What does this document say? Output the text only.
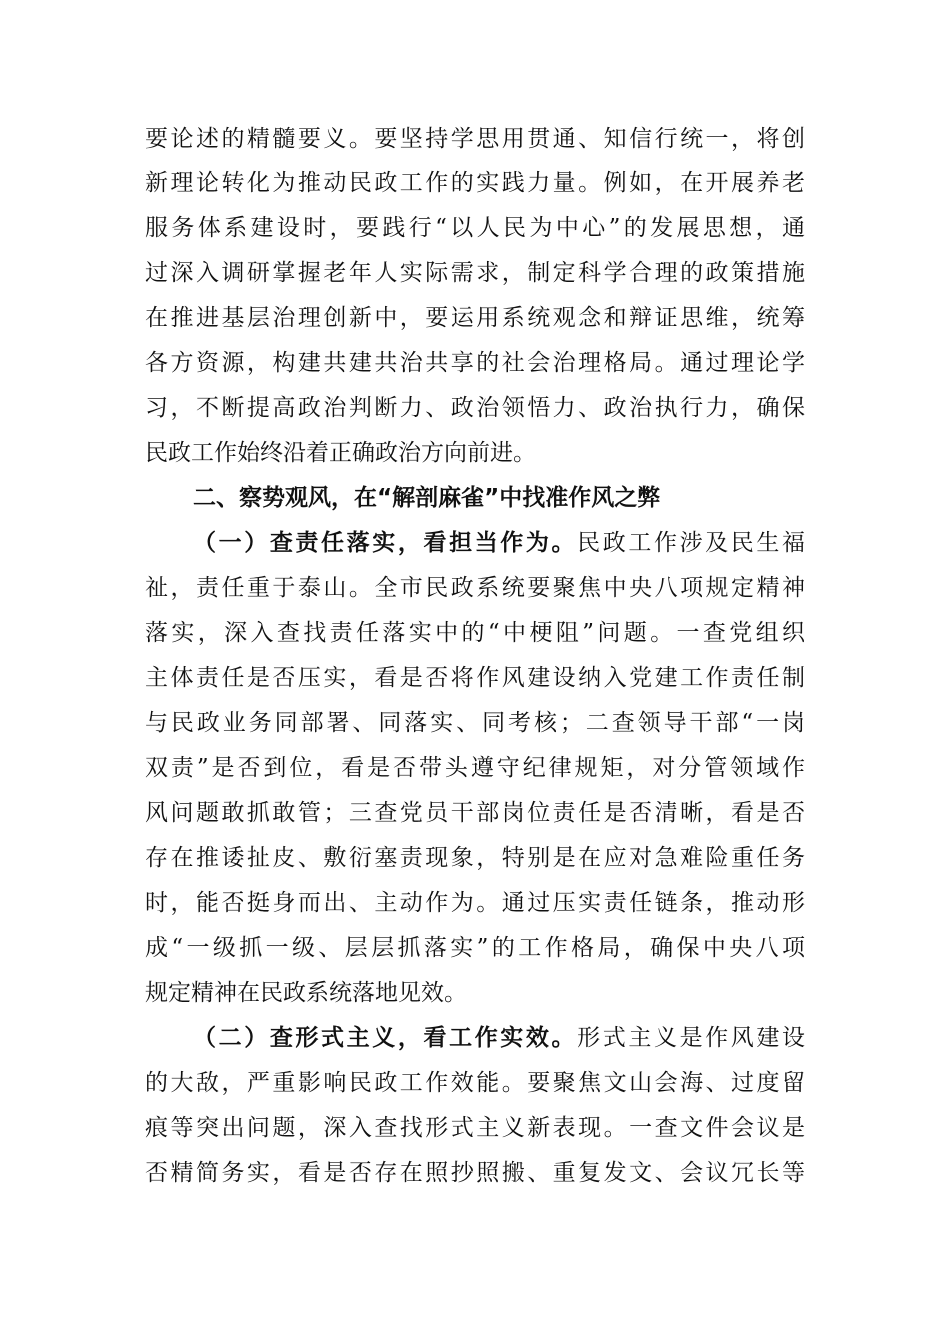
要论述的精髓要义。要坚持学思用贯通、知信行统一，将创
新理论转化为推动民政工作的实践力量。例如，在开展养老
服务体系建设时，要践行“以人民为中心”的发展思想，通
过深入调研掌握老年人实际需求，制定科学合理的政策措施
在推进基层治理创新中，要运用系统观念和辩证思维，统筹
各方资源，构建共建共治共享的社会治理格局。通过理论学
习，不断提高政治判断力、政治领悟力、政治执行力，确保
民政工作始终沿着正确政治方向前进。
二、察势观风，在“解剖麻雀”中找准作风之弊
（一）查责任落实，看担当作为。民政工作涉及民生福
祉，责任重于泰山。全市民政系统要聚焦中央八项规定精神
落实，深入查找责任落实中的“中梗阻”问题。一查党组织
主体责任是否压实，看是否将作风建设纳入党建工作责任制
与民政业务同部署、同落实、同考核；二查领导干部“一岗
双责”是否到位，看是否带头遵守纪律规矩，对分管领域作
风问题敢抓敢管；三查党员干部岗位责任是否清晰，看是否
存在推诿扯皮、敷衍塞责现象，特别是在应对急难险重任务
时，能否挺身而出、主动作为。通过压实责任链条，推动形
成“一级抓一级、层层抓落实”的工作格局，确保中央八项
规定精神在民政系统落地见效。
（二）查形式主义，看工作实效。形式主义是作风建设
的大敌，严重影响民政工作效能。要聚焦文山会海、过度留
痕等突出问题，深入查找形式主义新表现。一查文件会议是
否精简务实，看是否存在照抄照搬、重复发文、会议冗长等
